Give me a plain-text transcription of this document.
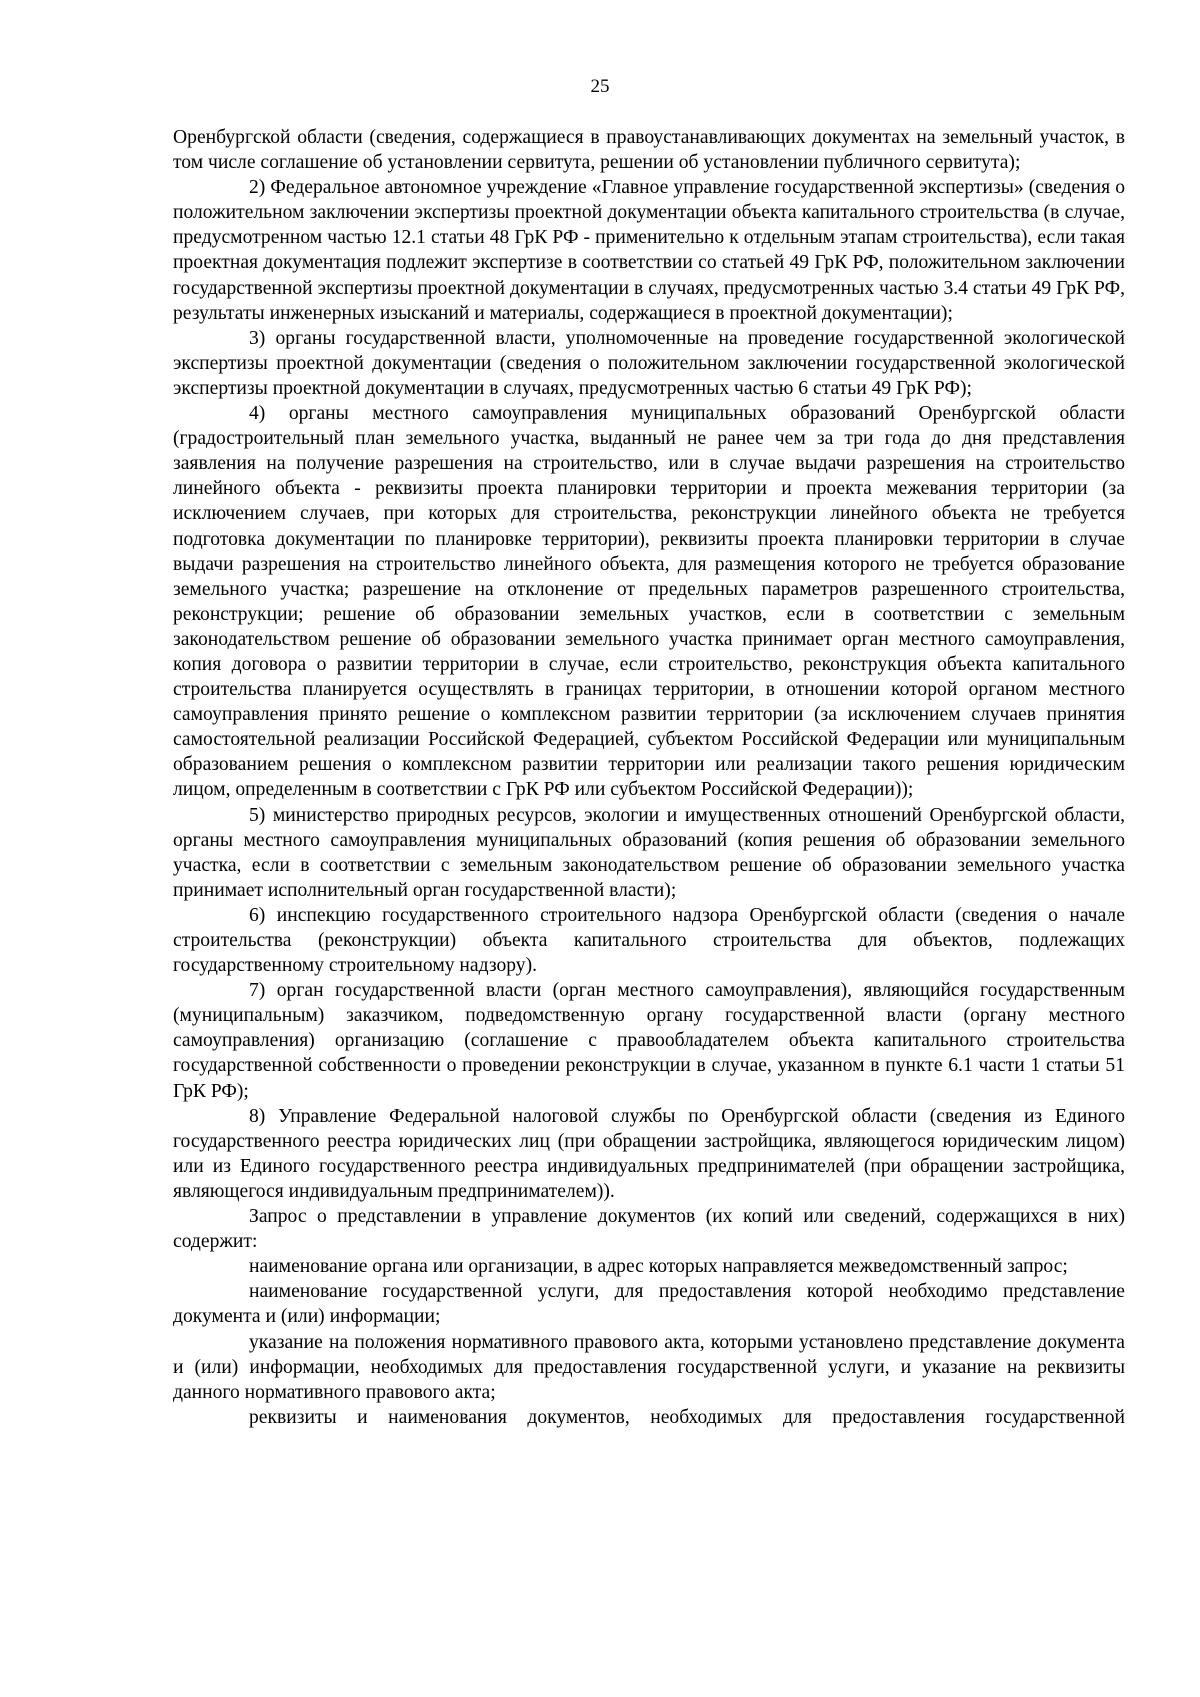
25

Оренбургской области (сведения, содержащиеся в правоустанавливающих документах на земельный участок, в том числе соглашение об установлении сервитута, решении об установлении публичного сервитута);

2) Федеральное автономное учреждение «Главное управление государственной экспертизы» (сведения о положительном заключении экспертизы проектной документации объекта капитального строительства (в случае, предусмотренном частью 12.1 статьи 48 ГрК РФ - применительно к отдельным этапам строительства), если такая проектная документация подлежит экспертизе в соответствии со статьей 49 ГрК РФ, положительном заключении государственной экспертизы проектной документации в случаях, предусмотренных частью 3.4 статьи 49 ГрК РФ, результаты инженерных изысканий и материалы, содержащиеся в проектной документации);

3) органы государственной власти, уполномоченные на проведение государственной экологической экспертизы проектной документации (сведения о положительном заключении государственной экологической экспертизы проектной документации в случаях, предусмотренных частью 6 статьи 49 ГрК РФ);

4) органы местного самоуправления муниципальных образований Оренбургской области (градостроительный план земельного участка, выданный не ранее чем за три года до дня представления заявления на получение разрешения на строительство, или в случае выдачи разрешения на строительство линейного объекта - реквизиты проекта планировки территории и проекта межевания территории (за исключением случаев, при которых для строительства, реконструкции линейного объекта не требуется подготовка документации по планировке территории), реквизиты проекта планировки территории в случае выдачи разрешения на строительство линейного объекта, для размещения которого не требуется образование земельного участка; разрешение на отклонение от предельных параметров разрешенного строительства, реконструкции; решение об образовании земельных участков, если в соответствии с земельным законодательством решение об образовании земельного участка принимает орган местного самоуправления, копия договора о развитии территории в случае, если строительство, реконструкция объекта капитального строительства планируется осуществлять в границах территории, в отношении которой органом местного самоуправления принято решение о комплексном развитии территории (за исключением случаев принятия самостоятельной реализации Российской Федерацией, субъектом Российской Федерации или муниципальным образованием решения о комплексном развитии территории или реализации такого решения юридическим лицом, определенным в соответствии с ГрК РФ или субъектом Российской Федерации));

5) министерство природных ресурсов, экологии и имущественных отношений Оренбургской области, органы местного самоуправления муниципальных образований (копия решения об образовании земельного участка, если в соответствии с земельным законодательством решение об образовании земельного участка принимает исполнительный орган государственной власти);

6) инспекцию государственного строительного надзора Оренбургской области (сведения о начале строительства (реконструкции) объекта капитального строительства для объектов, подлежащих государственному строительному надзору).

7) орган государственной власти (орган местного самоуправления), являющийся государственным (муниципальным) заказчиком, подведомственную органу государственной власти (органу местного самоуправления) организацию (соглашение с правообладателем объекта капитального строительства государственной собственности о проведении реконструкции в случае, указанном в пункте 6.1 части 1 статьи 51 ГрК РФ);

8) Управление Федеральной налоговой службы по Оренбургской области (сведения из Единого государственного реестра юридических лиц (при обращении застройщика, являющегося юридическим лицом) или из Единого государственного реестра индивидуальных предпринимателей (при обращении застройщика, являющегося индивидуальным предпринимателем)).

Запрос о представлении в управление документов (их копий или сведений, содержащихся в них) содержит:

наименование органа или организации, в адрес которых направляется межведомственный запрос;

наименование государственной услуги, для предоставления которой необходимо представление документа и (или) информации;

указание на положения нормативного правового акта, которыми установлено представление документа и (или) информации, необходимых для предоставления государственной услуги, и указание на реквизиты данного нормативного правового акта;

реквизиты и наименования документов, необходимых для предоставления государственной
